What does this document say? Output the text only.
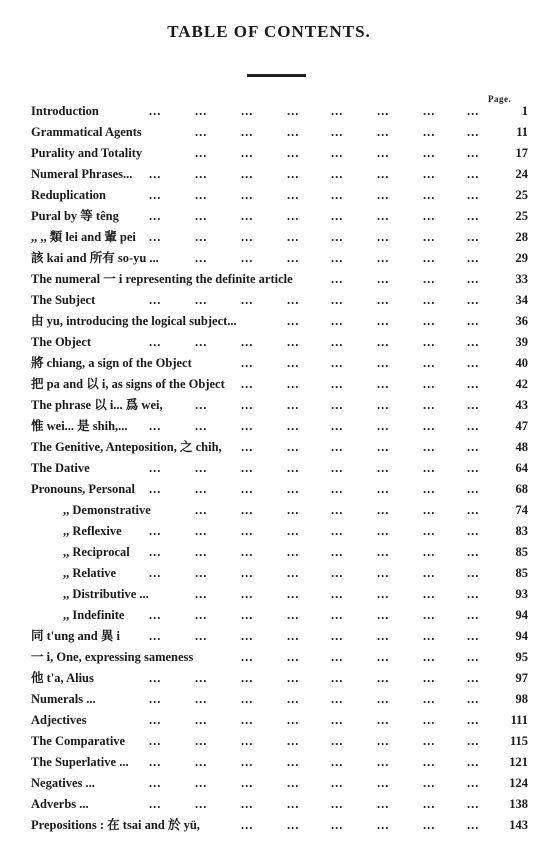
TABLE OF CONTENTS.
Page.
Introduction	1
...	...	...	...	...	...	...	...
Grammatical Agents	11
...	...	...	...	...	...	...
Purality and Totality	17
...	...	...	...	...	...	...
Numeral Phrases...	24
...	...	...	...	...	...	...	...
Reduplication	25
...	...	...	...	...	...	...	...
Pural by 等 têng	25
...	...	...	...	...	...	...	...
,, ,, 類 lei and 輩 pei	28
...	...	...	...	...	...	...	...
該 kai and 所有 so-yu ...	29
...	...	...	...	...	...	...
The numeral 一 i representing the definite article	33
...	...	...	...
The Subject	34
...	...	...	...	...	...	...	...
由 yu, introducing the logical subject...	36
...	...	...	...	...
The Object	39
...	...	...	...	...	...	...	...
將 chiang, a sign of the Object	40
...	...	...	...	...	...
把 pa and 以 i, as signs of the Object	42
...	...	...	...	...	...
The phrase 以 i... 爲 wei,	43
...	...	...	...	...	...	...
惟 wei... 是 shih,...	47
...	...	...	...	...	...	...	...
The Genitive, Anteposition, 之 chih,	48
...	...	...	...	...	...
The Dative	64
...	...	...	...	...	...	...	...
Pronouns, Personal	68
...	...	...	...	...	...	...	...
,, Demonstrative	74
...	...	...	...	...	...	...
,, Reflexive	83
...	...	...	...	...	...	...	...
,, Reciprocal	85
...	...	...	...	...	...	...	...
,, Relative	85
...	...	...	...	...	...	...	...
,, Distributive ...	93
...	...	...	...	...	...	...
,, Indefinite	94
...	...	...	...	...	...	...	...
同 t'ung and 異 i	94
...	...	...	...	...	...	...	...
一 i, One, expressing sameness	95
...	...	...	...	...	...
他 t'a, Alius	97
...	...	...	...	...	...	...	...
Numerals ...	98
...	...	...	...	...	...	...	...
Adjectives	111
...	...	...	...	...	...	...	...
The Comparative	115
...	...	...	...	...	...	...	...
The Superlative ...	121
...	...	...	...	...	...	...	...
Negatives ...	124
...	...	...	...	...	...	...	...
Adverbs ...	138
...	...	...	...	...	...	...	...
Prepositions : 在 tsai and 於 yü,	143
...	...	...	...	...	...
